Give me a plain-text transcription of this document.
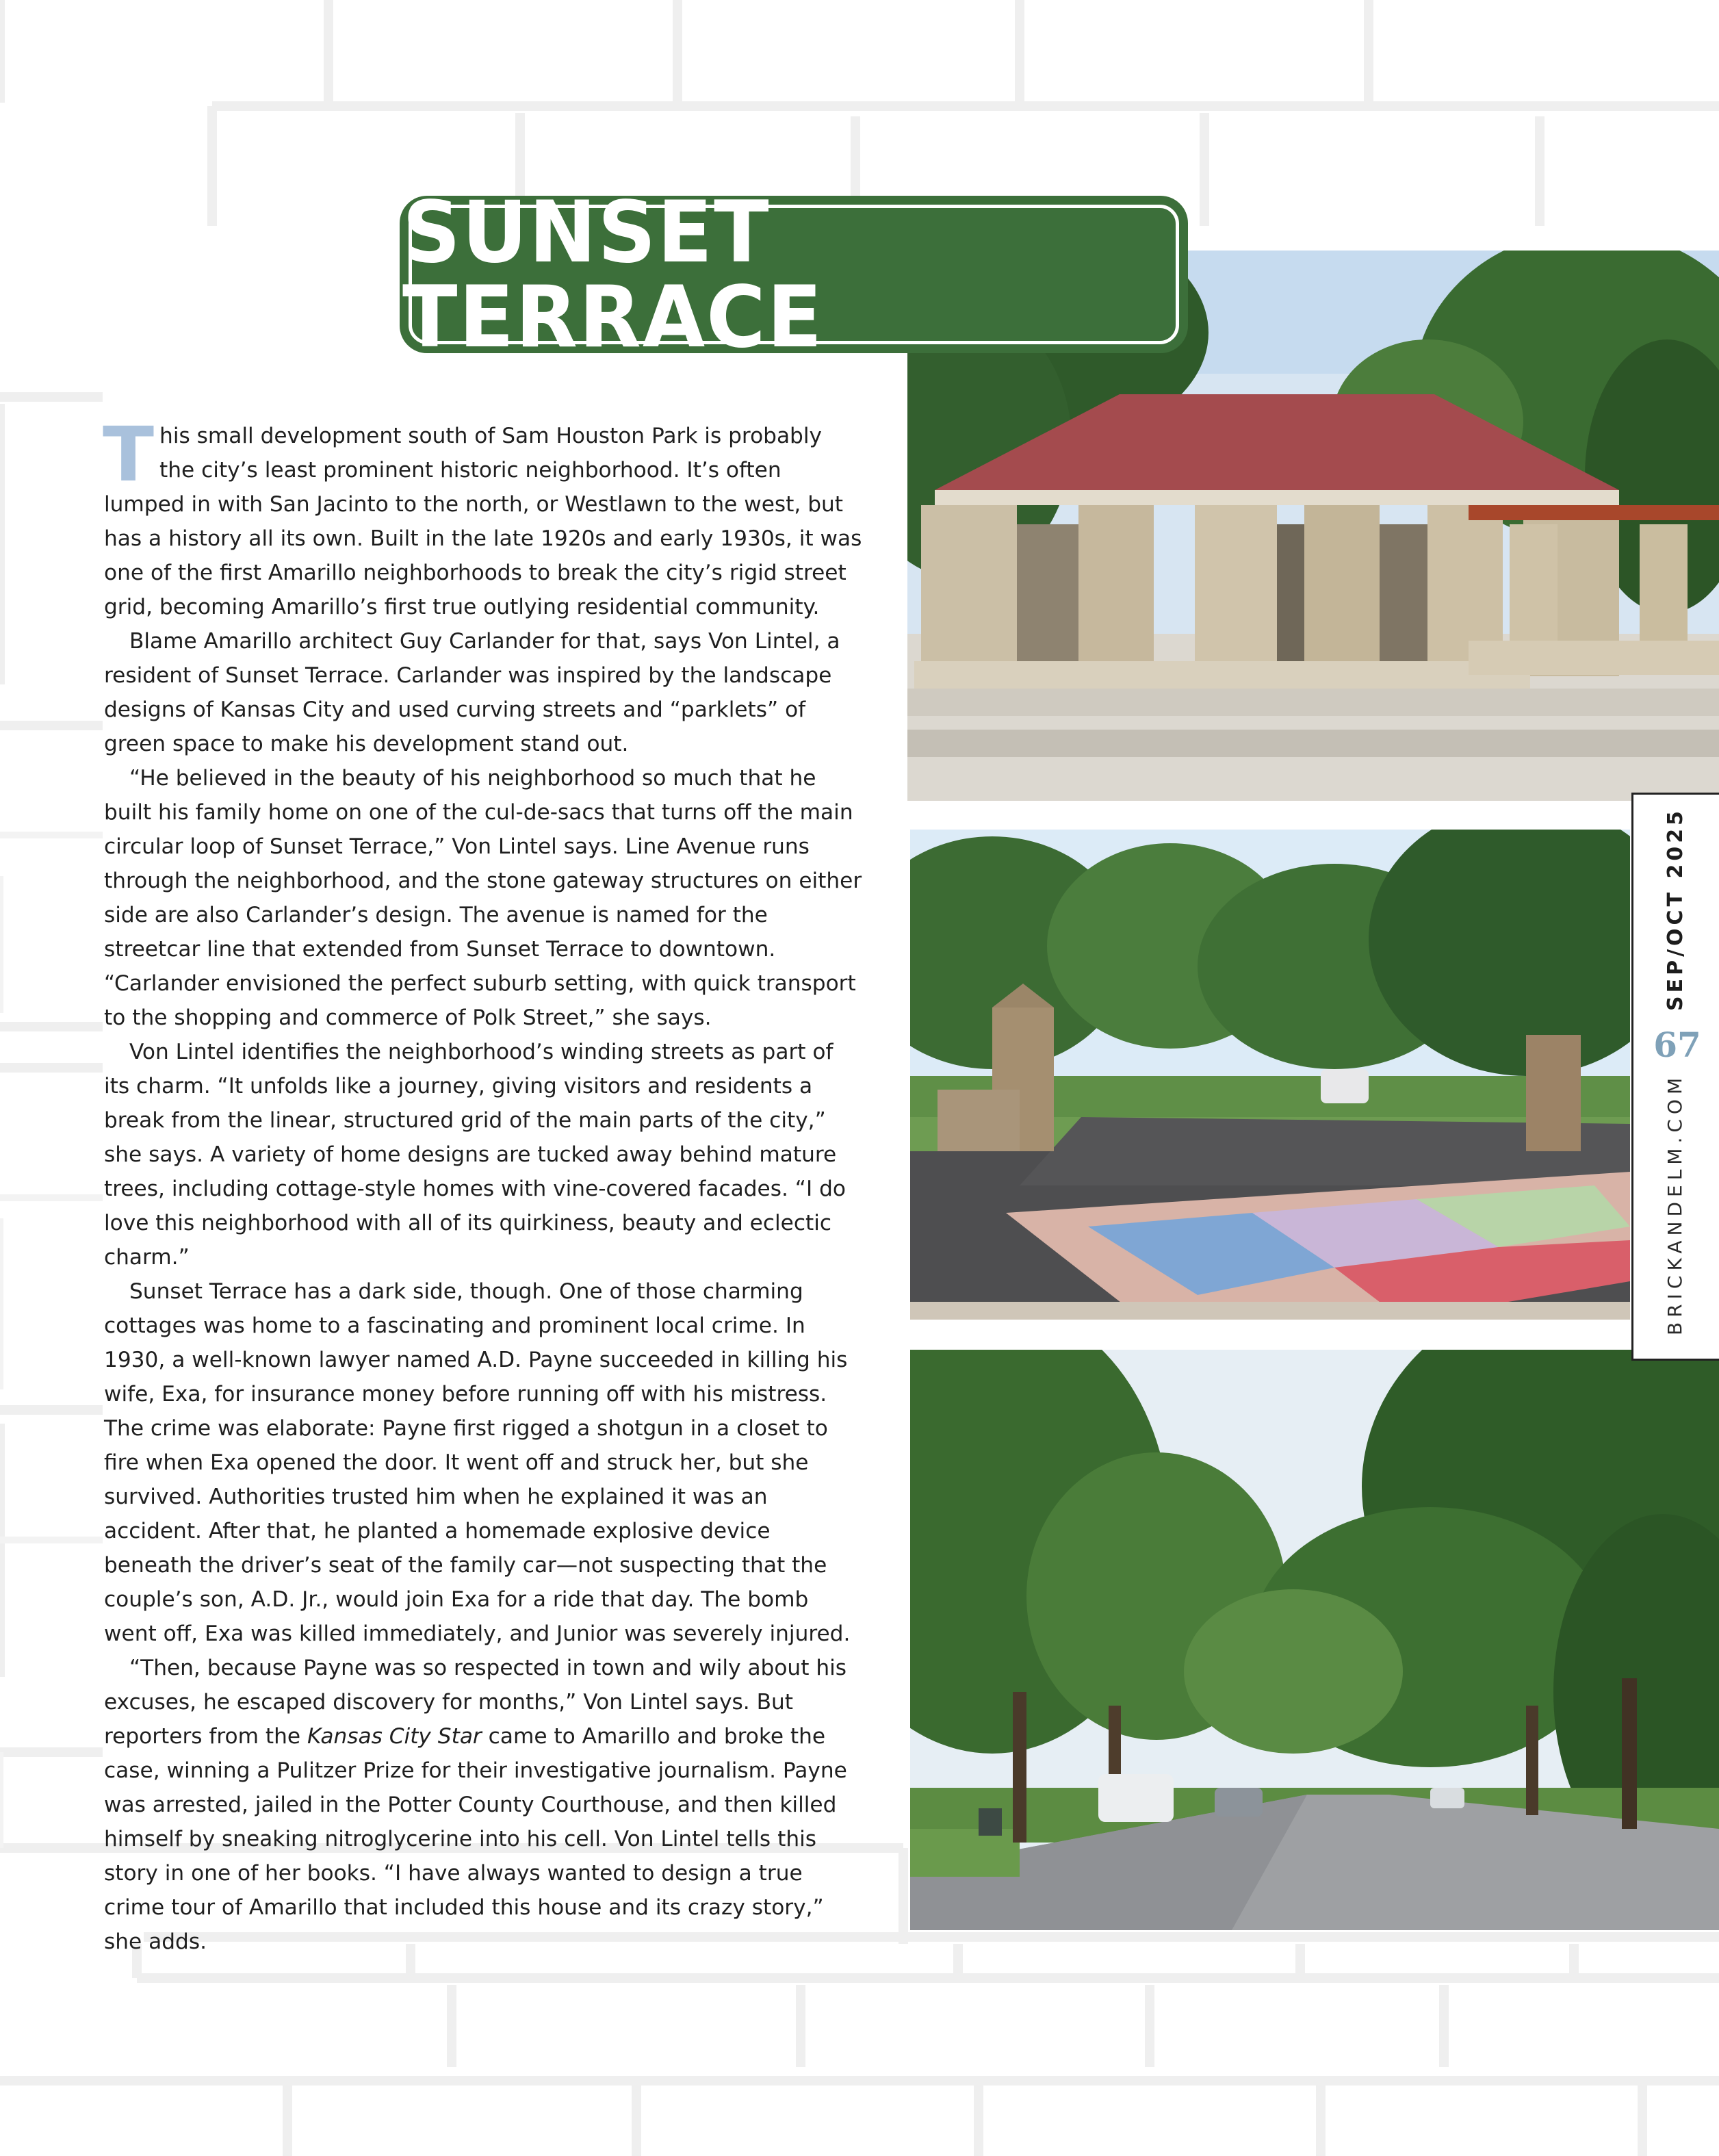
SUNSET TERRACE

This small development south of Sam Houston Park is probably the city’s least prominent historic neighborhood. It’s often lumped in with San Jacinto to the north, or Westlawn to the west, but has a history all its own. Built in the late 1920s and early 1930s, it was one of the first Amarillo neighborhoods to break the city’s rigid street grid, becoming Amarillo’s first true outlying residential community.

Blame Amarillo architect Guy Carlander for that, says Von Lintel, a resident of Sunset Terrace. Carlander was inspired by the landscape designs of Kansas City and used curving streets and “parklets” of green space to make his development stand out.

“He believed in the beauty of his neighborhood so much that he built his family home on one of the cul-de-sacs that turns off the main circular loop of Sunset Terrace,” Von Lintel says. Line Avenue runs through the neighborhood, and the stone gateway structures on either side are also Carlander’s design. The avenue is named for the streetcar line that extended from Sunset Terrace to downtown. “Carlander envisioned the perfect suburb setting, with quick transport to the shopping and commerce of Polk Street,” she says.

Von Lintel identifies the neighborhood’s winding streets as part of its charm. “It unfolds like a journey, giving visitors and residents a break from the linear, structured grid of the main parts of the city,” she says. A variety of home designs are tucked away behind mature trees, including cottage-style homes with vine-covered facades. “I do love this neighborhood with all of its quirkiness, beauty and eclectic charm.”

Sunset Terrace has a dark side, though. One of those charming cottages was home to a fascinating and prominent local crime. In 1930, a well-known lawyer named A.D. Payne succeeded in killing his wife, Exa, for insurance money before running off with his mistress. The crime was elaborate: Payne first rigged a shotgun in a closet to fire when Exa opened the door. It went off and struck her, but she survived. Authorities trusted him when he explained it was an accident. After that, he planted a homemade explosive device beneath the driver’s seat of the family car—not suspecting that the couple’s son, A.D. Jr., would join Exa for a ride that day. The bomb went off, Exa was killed immediately, and Junior was severely injured.

“Then, because Payne was so respected in town and wily about his excuses, he escaped discovery for months,” Von Lintel says. But reporters from the Kansas City Star came to Amarillo and broke the case, winning a Pulitzer Prize for their investigative journalism. Payne was arrested, jailed in the Potter County Courthouse, and then killed himself by sneaking nitroglycerine into his cell. Von Lintel tells this story in one of her books. “I have always wanted to design a true crime tour of Amarillo that included this house and its crazy story,” she adds.

SEP/OCT 2025
67
BRICKANDELM.COM
